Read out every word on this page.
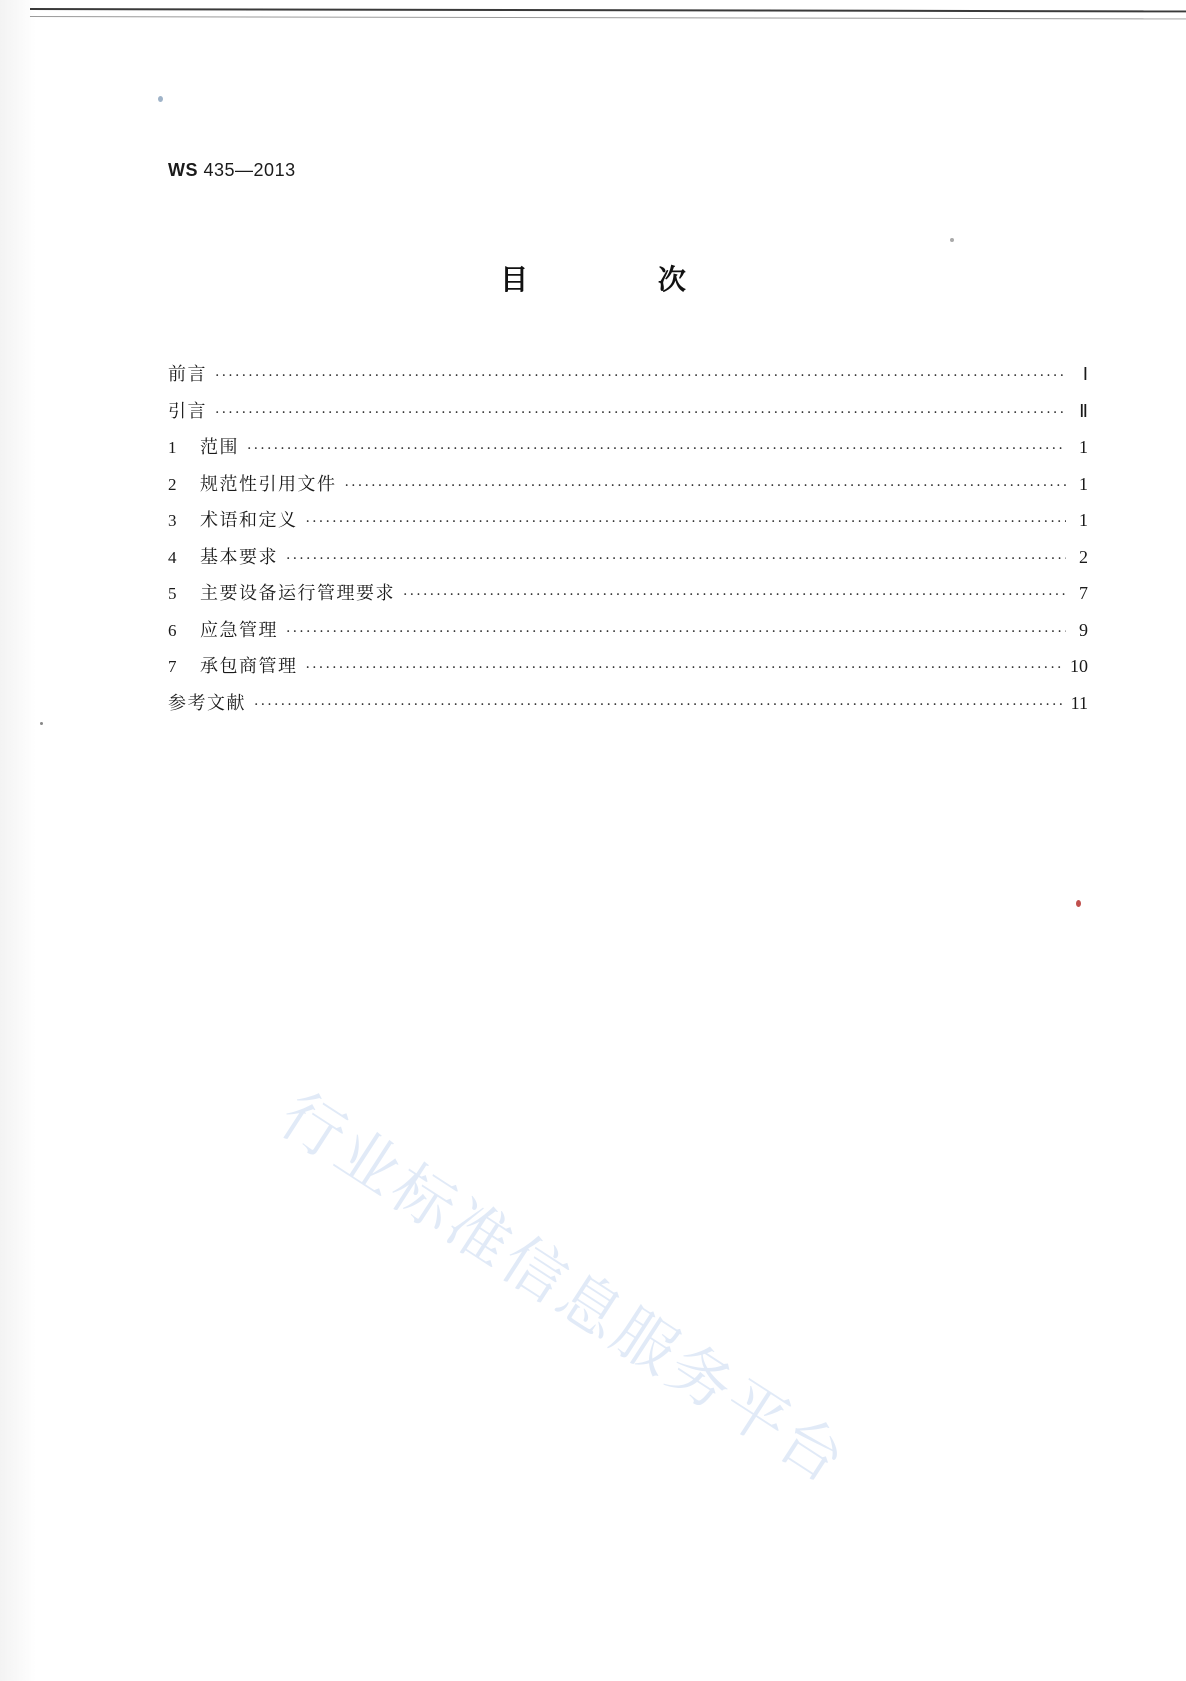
WS 435—2013
目 次
前言 ·····	Ⅰ
引言 ·····	Ⅱ
1	范围 ·····	1
2	规范性引用文件 ·····	1
3	术语和定义 ·····	1
4	基本要求 ·····	2
5	主要设备运行管理要求 ·····	7
6	应急管理 ·····	9
7	承包商管理 ·····	10
参考文献 ·····	11
行业标准信息服务平台
